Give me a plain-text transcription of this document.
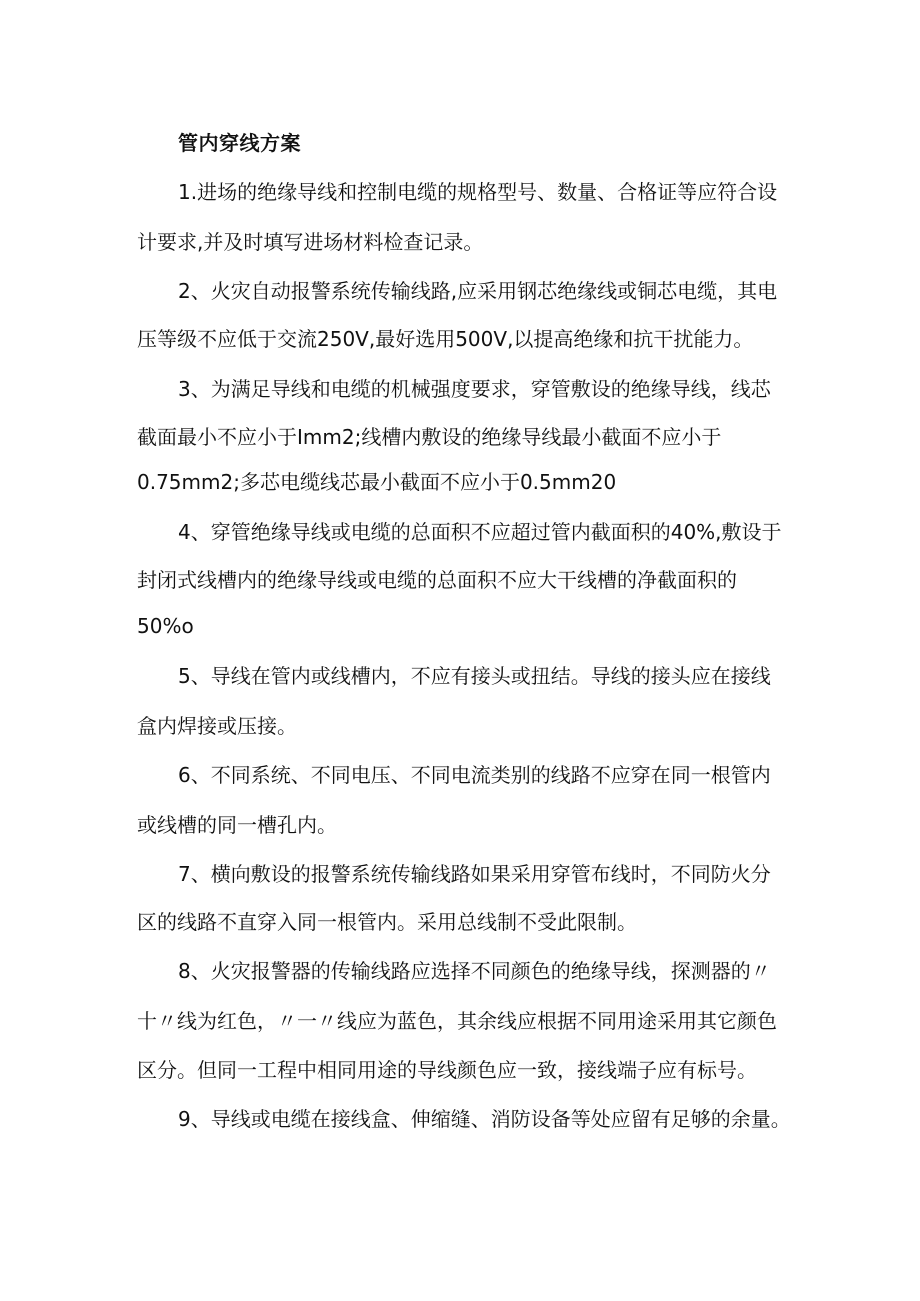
管内穿线方案
1.进场的绝缘导线和控制电缆的规格型号、数量、合格证等应符合设
计要求,并及时填写进场材料检查记录。
2、火灾自动报警系统传输线路,应采用钢芯绝缘线或铜芯电缆，其电
压等级不应低于交流250V,最好选用500V,以提高绝缘和抗干扰能力。
3、为满足导线和电缆的机械强度要求，穿管敷设的绝缘导线，线芯
截面最小不应小于Imm2;线槽内敷设的绝缘导线最小截面不应小于
0.75mm2;多芯电缆线芯最小截面不应小于0.5mm20
4、穿管绝缘导线或电缆的总面积不应超过管内截面积的40%,敷设于
封闭式线槽内的绝缘导线或电缆的总面积不应大干线槽的净截面积的
50%o
5、导线在管内或线槽内，不应有接头或扭结。导线的接头应在接线
盒内焊接或压接。
6、不同系统、不同电压、不同电流类别的线路不应穿在同一根管内
或线槽的同一槽孔内。
7、横向敷设的报警系统传输线路如果采用穿管布线时，不同防火分
区的线路不直穿入同一根管内。采用总线制不受此限制。
8、火灾报警器的传输线路应选择不同颜色的绝缘导线，探测器的〃
十〃线为红色，〃一〃线应为蓝色，其余线应根据不同用途采用其它颜色
区分。但同一工程中相同用途的导线颜色应一致，接线端子应有标号。
9、导线或电缆在接线盒、伸缩缝、消防设备等处应留有足够的余量。
